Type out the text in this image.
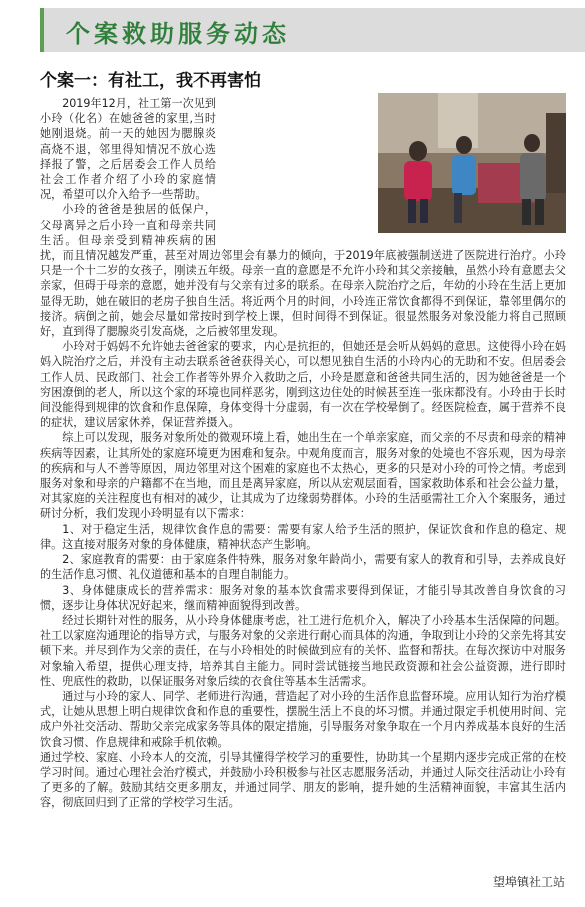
个案救助服务动态
个案一：有社工，我不再害怕

2019年12月，社工第一次见到小玲（化名）在她爸爸的家里,当时她刚退烧。前一天的她因为腮腺炎高烧不退，邻里得知情况不放心选择报了警，之后居委会工作人员给社会工作者介绍了小玲的家庭情况，希望可以介入给予一些帮助。

小玲的爸爸是独居的低保户，父母离异之后小玲一直和母亲共同生活。但母亲受到精神疾病的困扰，而且情况越发严重，甚至对周边邻里会有暴力的倾向，于2019年底被强制送进了医院进行治疗。小玲只是一个十二岁的女孩子，刚读五年级。母亲一直的意愿是不允许小玲和其父亲接触，虽然小玲有意愿去父亲家，但碍于母亲的意愿，她并没有与父亲有过多的联系。在母亲入院治疗之后，年幼的小玲在生活上更加显得无助，她在破旧的老房子独自生活。将近两个月的时间，小玲连正常饮食都得不到保证，靠邻里偶尔的接济。病倒之前，她会尽量如常按时到学校上课，但时间得不到保证。很显然服务对象没能力将自己照顾好，直到得了腮腺炎引发高烧，之后被邻里发现。

小玲对于妈妈不允许她去爸爸家的要求，内心是抗拒的，但她还是会听从妈妈的意思。这使得小玲在妈妈入院治疗之后，并没有主动去联系爸爸获得关心，可以想见独自生活的小玲内心的无助和不安。但居委会工作人员、民政部门、社会工作者等外界介入救助之后，小玲是愿意和爸爸共同生活的，因为她爸爸是一个穷困潦倒的老人，所以这个家的环境也同样恶劣，刚到这边住处的时候甚至连一张床都没有。小玲由于长时间没能得到规律的饮食和作息保障，身体变得十分虚弱，有一次在学校晕倒了。经医院检查，属于营养不良的症状，建议居家休养，保证营养摄入。

综上可以发现，服务对象所处的微观环境上看，她出生在一个单亲家庭，而父亲的不尽责和母亲的精神疾病等因素，让其所处的家庭环境更为困难和复杂。中观角度而言，服务对象的处境也不容乐观，因为母亲的疾病和与人不善等原因，周边邻里对这个困难的家庭也不太热心，更多的只是对小玲的可怜之情。考虑到服务对象和母亲的户籍都不在当地，而且是离异家庭，所以从宏观层面看，国家救助体系和社会公益力量，对其家庭的关注程度也有相对的减少，让其成为了边缘弱势群体。小玲的生活亟需社工介入个案服务，通过研讨分析，我们发现小玲明显有以下需求：

1、对于稳定生活，规律饮食作息的需要：需要有家人给予生活的照护，保证饮食和作息的稳定、规律。这直接对服务对象的身体健康，精神状态产生影响。

2、家庭教育的需要：由于家庭条件特殊，服务对象年龄尚小，需要有家人的教育和引导，去养成良好的生活作息习惯、礼仪道德和基本的自理自制能力。

3、身体健康成长的营养需求：服务对象的基本饮食需求要得到保证，才能引导其改善自身饮食的习惯，逐步让身体状况好起来，继而精神面貌得到改善。

经过长期针对性的服务，从小玲身体健康考虑，社工进行危机介入，解决了小玲基本生活保障的问题。社工以家庭沟通理论的指导方式，与服务对象的父亲进行耐心而具体的沟通，争取到让小玲的父亲先将其安顿下来。并尽到作为父亲的责任，在与小玲相处的时候做到应有的关怀、监督和帮扶。在每次探访中对服务对象输入希望，提供心理支持，培养其自主能力。同时尝试链接当地民政资源和社会公益资源，进行即时性、兜底性的救助，以保证服务对象后续的衣食住等基本生活需求。

通过与小玲的家人、同学、老师进行沟通，营造起了对小玲的生活作息监督环境。应用认知行为治疗模式，让她从思想上明白规律饮食和作息的重要性，摆脱生活上不良的坏习惯。并通过限定手机使用时间、完成户外社交活动、帮助父亲完成家务等具体的限定措施，引导服务对象争取在一个月内养成基本良好的生活饮食习惯、作息规律和戒除手机依赖。

通过学校、家庭、小玲本人的交流，引导其懂得学校学习的重要性，协助其一个星期内逐步完成正常的在校学习时间。通过心理社会治疗模式，并鼓励小玲积极参与社区志愿服务活动，并通过人际交往活动让小玲有了更多的了解。鼓励其结交更多朋友，并通过同学、朋友的影响，提升她的生活精神面貌，丰富其生活内容，彻底回归到了正常的学校学习生活。

望埠镇社工站
